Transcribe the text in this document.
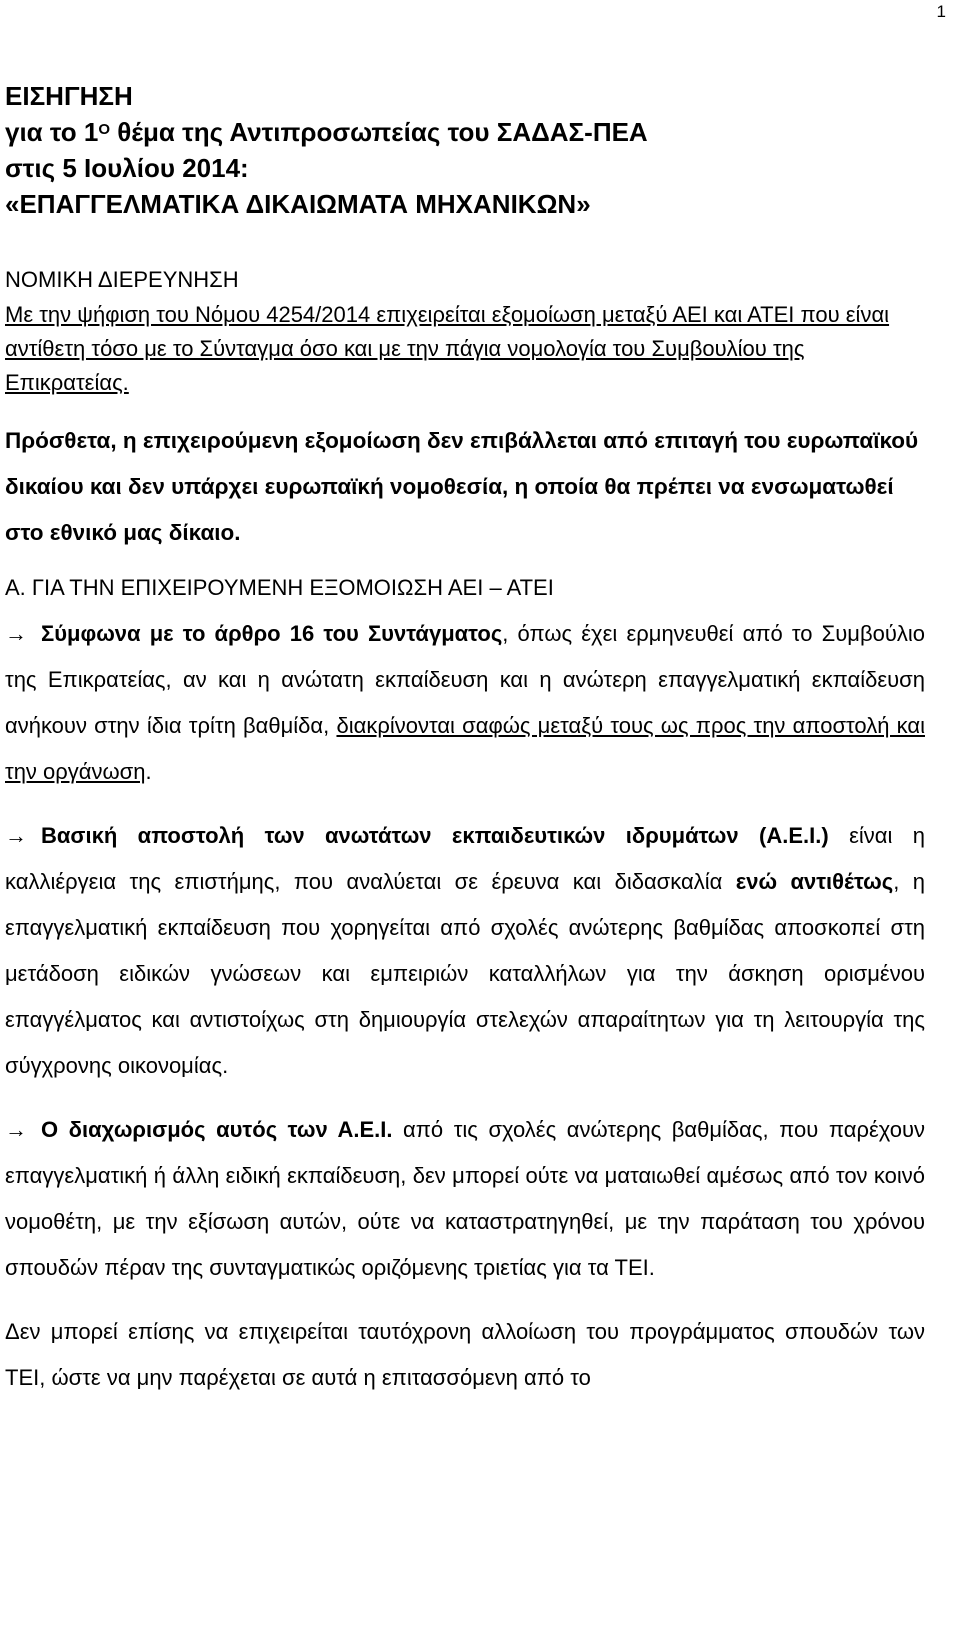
1
ΕΙΣΗΓΗΣΗ
για το $1^O$ θέμα της Αντιπροσωπείας του ΣΑΔΑΣ-ΠΕΑ
στις 5 Ιουλίου 2014:
«ΕΠΑΓΓΕΛΜΑΤΙΚΑ ΔΙΚΑΙΩΜΑΤΑ ΜΗΧΑΝΙΚΩΝ»
ΝΟΜΙΚΗ ΔΙΕΡΕΥΝΗΣΗ
Με την ψήφιση του Νόμου 4254/2014 επιχειρείται εξομοίωση μεταξύ ΑΕΙ και ΑΤΕΙ που είναι αντίθετη τόσο με το Σύνταγμα όσο και με την πάγια νομολογία του Συμβουλίου της Επικρατείας.
Πρόσθετα, η επιχειρούμενη εξομοίωση δεν επιβάλλεται από επιταγή του ευρωπαϊκού δικαίου και δεν υπάρχει ευρωπαϊκή νομοθεσία, η οποία θα πρέπει να ενσωματωθεί στο εθνικό μας δίκαιο.
Α. ΓΙΑ ΤΗΝ ΕΠΙΧΕΙΡΟΥΜΕΝΗ ΕΞΟΜΟΙΩΣΗ ΑΕΙ – ΑΤΕΙ

→ Σύμφωνα με το άρθρο 16 του Συντάγματος, όπως έχει ερμηνευθεί από το Συμβούλιο της Επικρατείας, αν και η ανώτατη εκπαίδευση και η ανώτερη επαγγελματική εκπαίδευση ανήκουν στην ίδια τρίτη βαθμίδα, διακρίνονται σαφώς μεταξύ τους ως προς την αποστολή και την οργάνωση.

→ Βασική αποστολή των ανωτάτων εκπαιδευτικών ιδρυμάτων (Α.Ε.Ι.) είναι η καλλιέργεια της επιστήμης, που αναλύεται σε έρευνα και διδασκαλία ενώ αντιθέτως, η επαγγελματική εκπαίδευση που χορηγείται από σχολές ανώτερης βαθμίδας αποσκοπεί στη μετάδοση ειδικών γνώσεων και εμπειριών καταλλήλων για την άσκηση ορισμένου επαγγέλματος και αντιστοίχως στη δημιουργία στελεχών απαραίτητων για τη λειτουργία της σύγχρονης οικονομίας.

→ Ο διαχωρισμός αυτός των Α.Ε.Ι. από τις σχολές ανώτερης βαθμίδας, που παρέχουν επαγγελματική ή άλλη ειδική εκπαίδευση, δεν μπορεί ούτε να ματαιωθεί αμέσως από τον κοινό νομοθέτη, με την εξίσωση αυτών, ούτε να καταστρατηγηθεί, με την παράταση του χρόνου σπουδών πέραν της συνταγματικώς οριζόμενης τριετίας για τα ΤΕΙ.

Δεν μπορεί επίσης να επιχειρείται ταυτόχρονη αλλοίωση του προγράμματος σπουδών των ΤΕΙ, ώστε να μην παρέχεται σε αυτά η επιτασσόμενη από το
